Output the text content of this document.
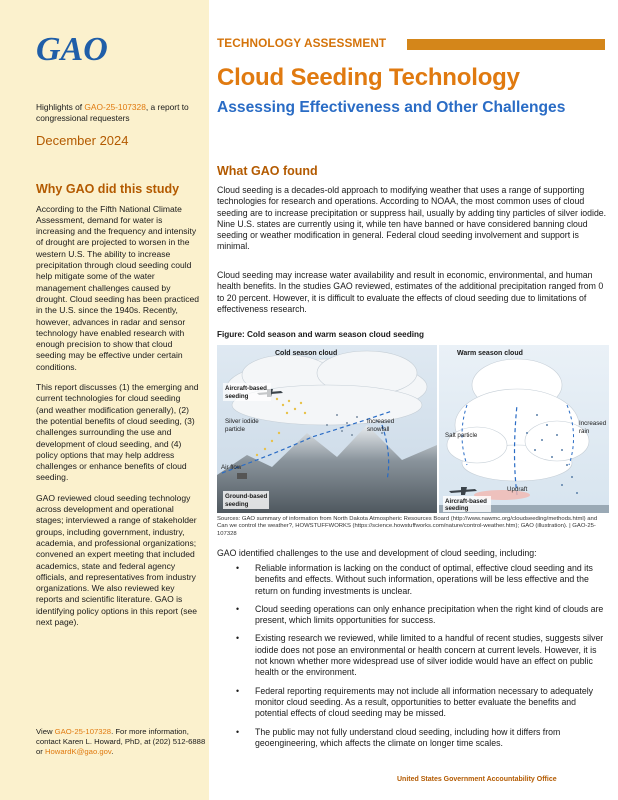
GAO
Highlights of GAO-25-107328, a report to congressional requesters
December 2024
Why GAO did this study

According to the Fifth National Climate Assessment, demand for water is increasing and the frequency and intensity of drought are projected to worsen in the western U.S. The ability to increase precipitation through cloud seeding could help mitigate some of the water management challenges caused by drought. Cloud seeding has been practiced in the U.S. since the 1940s. Recently, however, advances in radar and sensor technology have enabled research with enough precision to show that cloud seeding may be effective under certain conditions.

This report discusses (1) the emerging and current technologies for cloud seeding (and weather modification generally), (2) the potential benefits of cloud seeding, (3) challenges surrounding the use and development of cloud seeding, and (4) policy options that may help address challenges or enhance benefits of cloud seeding.

GAO reviewed cloud seeding technology across development and operational stages; interviewed a range of stakeholder groups, including government, industry, academia, and professional organizations; convened an expert meeting that included academics, state and federal agency officials, and representatives from industry organizations. We also reviewed key reports and scientific literature. GAO is identifying policy options in this report (see next page).

View GAO-25-107328. For more information, contact Karen L. Howard, PhD, at (202) 512-6888 or HowardK@gao.gov.
TECHNOLOGY ASSESSMENT
Cloud Seeding Technology
Assessing Effectiveness and Other Challenges
What GAO found

Cloud seeding is a decades-old approach to modifying weather that uses a range of supporting technologies for research and operations. According to NOAA, the most common uses of cloud seeding are to increase precipitation or suppress hail, usually by adding tiny particles of silver iodide. Nine U.S. states are currently using it, while ten have banned or have considered banning cloud seeding or weather modification in general. Federal cloud seeding involvement and support is minimal.

Cloud seeding may increase water availability and result in economic, environmental, and human health benefits. In the studies GAO reviewed, estimates of the additional precipitation ranged from 0 to 20 percent. However, it is difficult to evaluate the effects of cloud seeding due to limitations of effectiveness research.

Figure: Cold season and warm season cloud seeding
Cold season cloud
Aircraft-based
seeding
Silver iodide
particle
Increased
snowfall
Air flow
Ground-based
seeding
Warm season cloud
Salt particle
Increased
rain
Updraft
Aircraft-based
seeding
Sources: GAO summary of information from North Dakota Atmospheric Resources Board (http://www.nawmc.org/cloudseeding/methods.html) and Can we control the weather?, HOWSTUFFWORKS (https://science.howstuffworks.com/nature/control-weather.htm); GAO (illustration). | GAO-25-107328
GAO identified challenges to the use and development of cloud seeding, including:
• Reliable information is lacking on the conduct of optimal, effective cloud seeding and its benefits and effects. Without such information, operations will be less effective and the return on funding investments is unclear.
• Cloud seeding operations can only enhance precipitation when the right kind of clouds are present, which limits opportunities for success.
• Existing research we reviewed, while limited to a handful of recent studies, suggests silver iodide does not pose an environmental or health concern at current levels. However, it is not known whether more widespread use of silver iodide would have an effect on public health or the environment.
• Federal reporting requirements may not include all information necessary to adequately monitor cloud seeding. As a result, opportunities to better evaluate the benefits and potential effects of cloud seeding may be missed.
• The public may not fully understand cloud seeding, including how it differs from geoengineering, which affects the climate on longer time scales.
United States Government Accountability Office
